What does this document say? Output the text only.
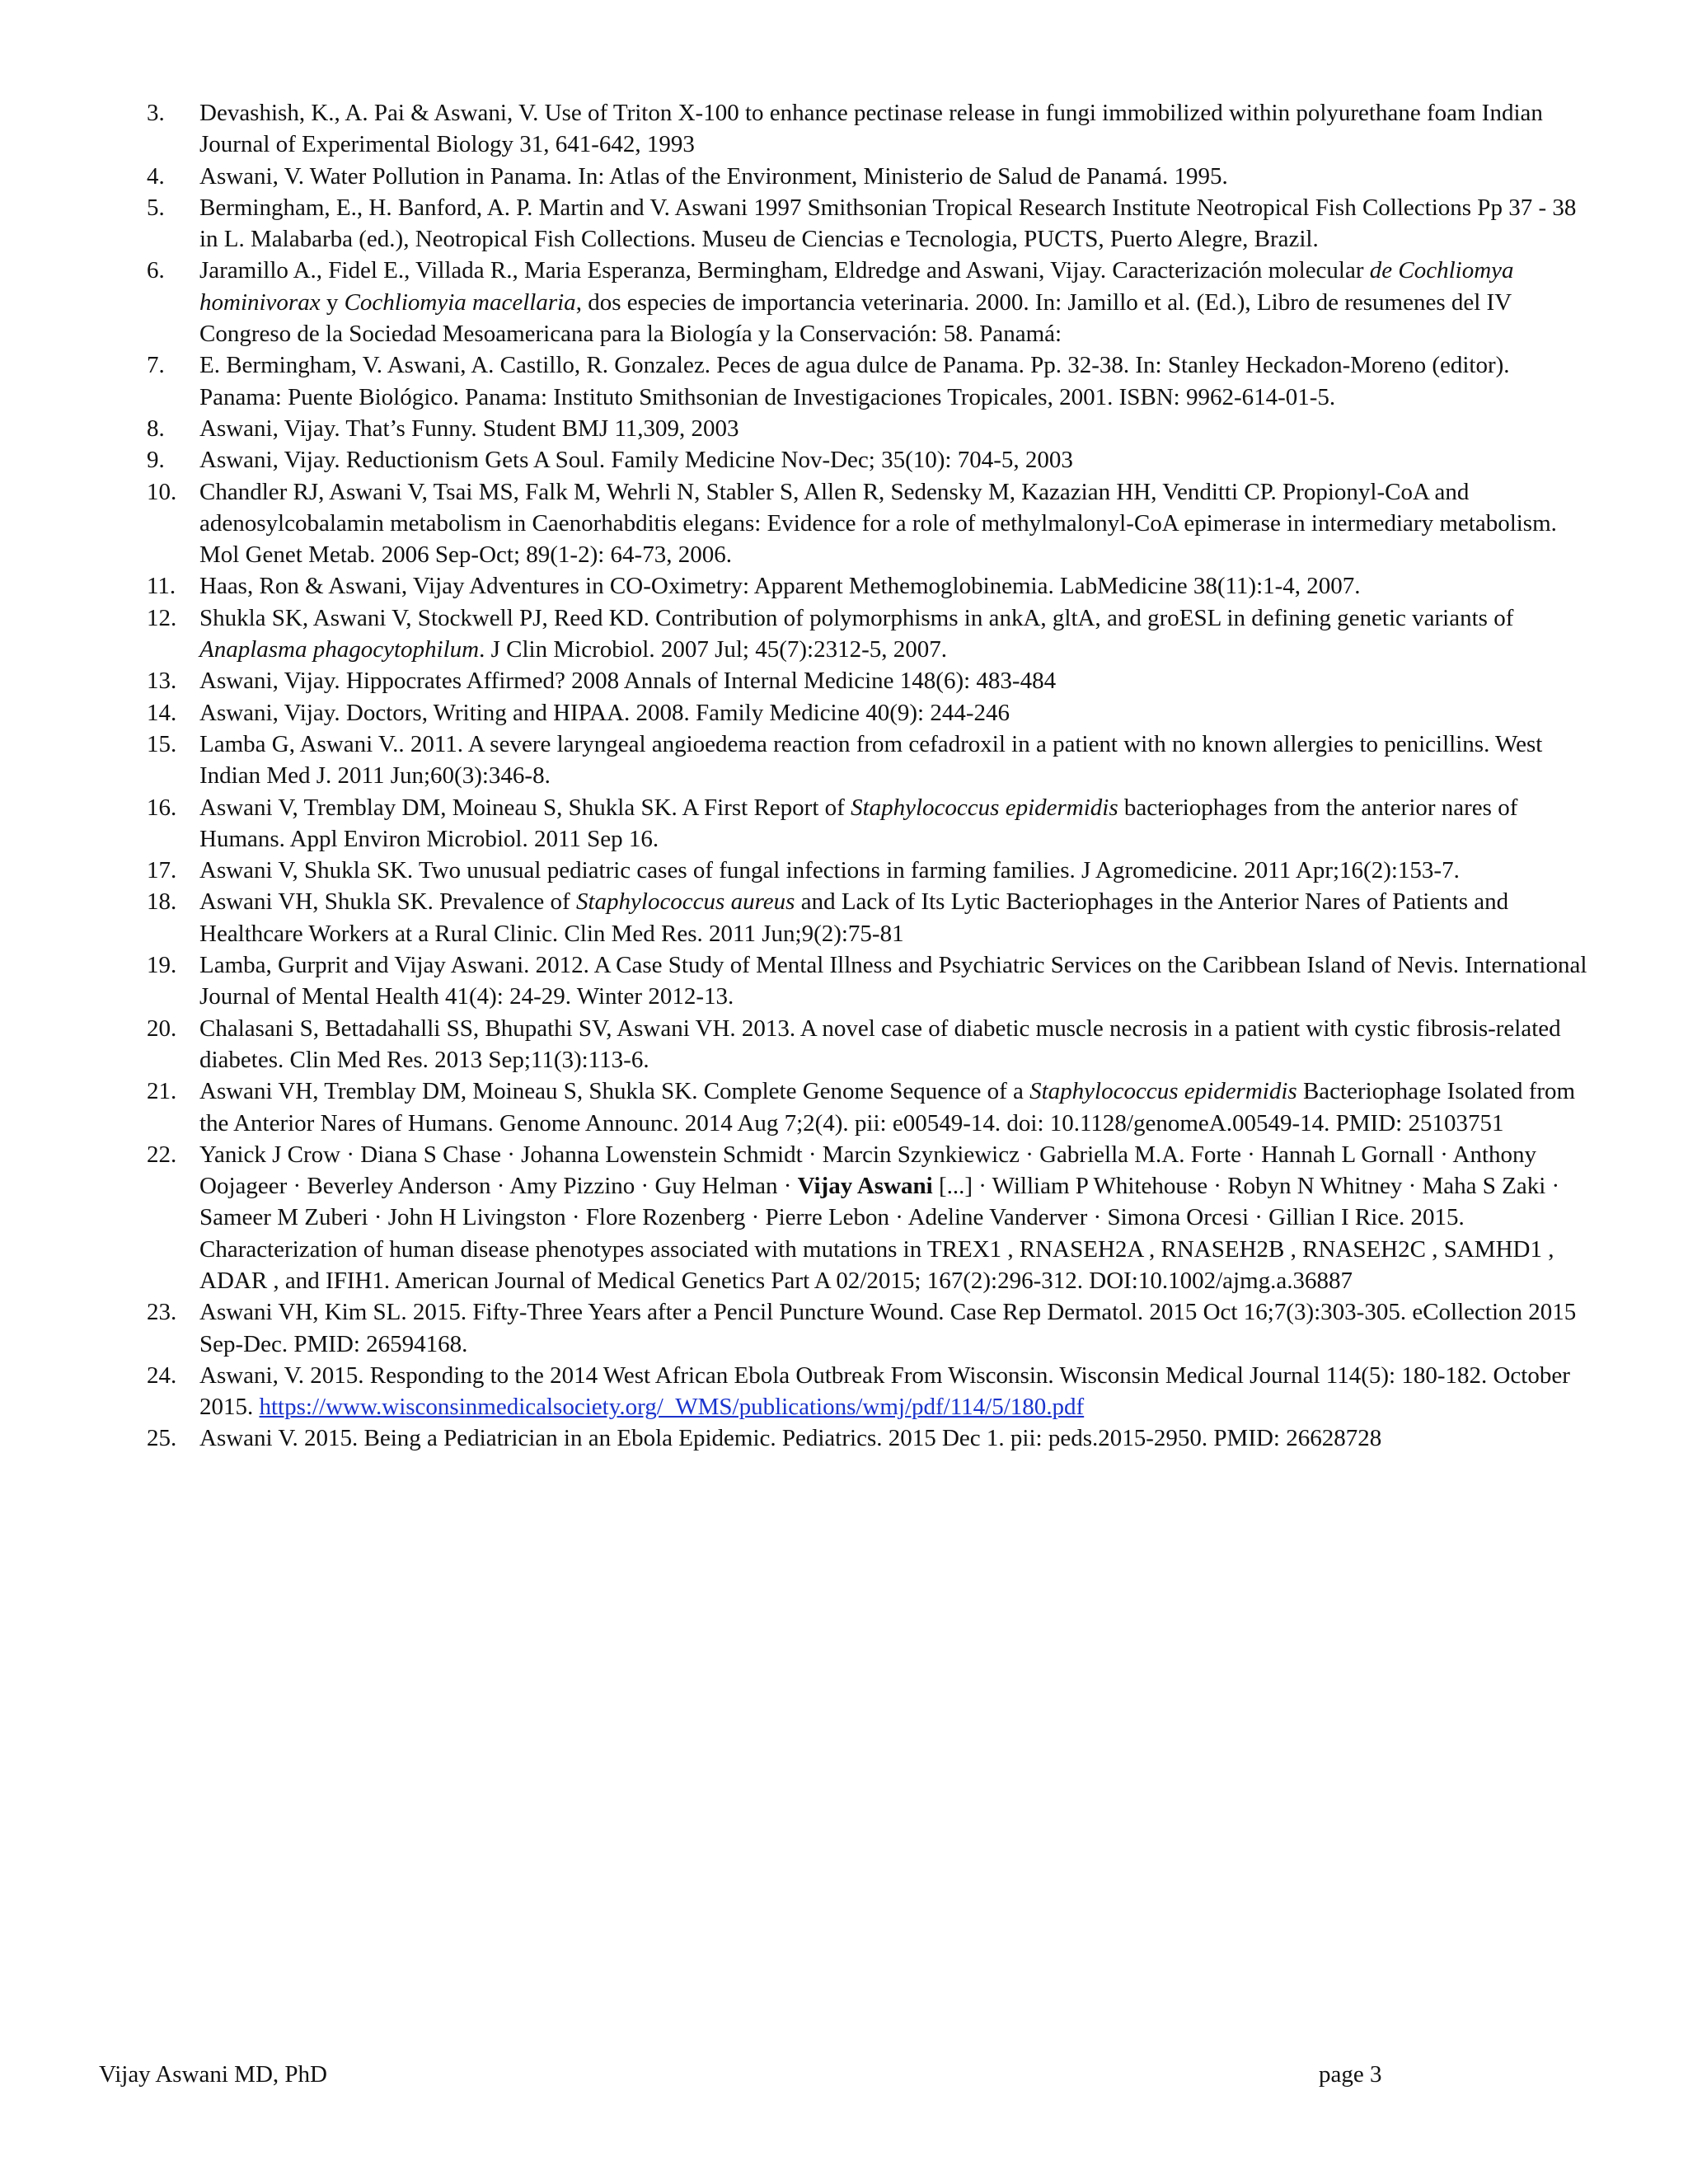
3.	Devashish, K., A. Pai & Aswani, V. Use of Triton X-100 to enhance pectinase release in fungi immobilized within polyurethane foam Indian Journal of Experimental Biology 31, 641-642, 1993
4.	Aswani, V. Water Pollution in Panama. In: Atlas of the Environment, Ministerio de Salud de Panamá. 1995.
5.	Bermingham, E., H. Banford, A. P. Martin and V. Aswani 1997 Smithsonian Tropical Research Institute Neotropical Fish Collections Pp 37 - 38 in L. Malabarba (ed.), Neotropical Fish Collections. Museu de Ciencias e Tecnologia, PUCTS, Puerto Alegre, Brazil.
6.	Jaramillo A., Fidel E., Villada R., Maria Esperanza, Bermingham, Eldredge and Aswani, Vijay. Caracterización molecular de Cochliomya hominivorax y Cochliomyia macellaria, dos especies de importancia veterinaria. 2000. In: Jamillo et al. (Ed.), Libro de resumenes del IV Congreso de la Sociedad Mesoamericana para la Biología y la Conservación: 58. Panamá:
7.	E. Bermingham, V. Aswani, A. Castillo, R. Gonzalez. Peces de agua dulce de Panama. Pp. 32-38. In: Stanley Heckadon-Moreno (editor). Panama: Puente Biológico. Panama: Instituto Smithsonian de Investigaciones Tropicales, 2001. ISBN: 9962-614-01-5.
8.	Aswani, Vijay. That’s Funny. Student BMJ 11,309, 2003
9.	Aswani, Vijay. Reductionism Gets A Soul. Family Medicine Nov-Dec; 35(10): 704-5, 2003
10. Chandler RJ, Aswani V, Tsai MS, Falk M, Wehrli N, Stabler S, Allen R, Sedensky M, Kazazian HH, Venditti CP. Propionyl-CoA and adenosylcobalamin metabolism in Caenorhabditis elegans: Evidence for a role of methylmalonyl-CoA epimerase in intermediary metabolism. Mol Genet Metab. 2006 Sep-Oct; 89(1-2): 64-73, 2006.
11. Haas, Ron & Aswani, Vijay Adventures in CO-Oximetry: Apparent Methemoglobinemia. LabMedicine 38(11):1-4, 2007.
12. Shukla SK, Aswani V, Stockwell PJ, Reed KD. Contribution of polymorphisms in ankA, gltA, and groESL in defining genetic variants of Anaplasma phagocytophilum. J Clin Microbiol. 2007 Jul; 45(7):2312-5, 2007.
13. Aswani, Vijay. Hippocrates Affirmed? 2008 Annals of Internal Medicine 148(6): 483-484
14. Aswani, Vijay. Doctors, Writing and HIPAA. 2008. Family Medicine 40(9): 244-246
15. Lamba G, Aswani V.. 2011. A severe laryngeal angioedema reaction from cefadroxil in a patient with no known allergies to penicillins. West Indian Med J. 2011 Jun;60(3):346-8.
16. Aswani V, Tremblay DM, Moineau S, Shukla SK. A First Report of Staphylococcus epidermidis bacteriophages from the anterior nares of Humans. Appl Environ Microbiol. 2011 Sep 16.
17. Aswani V, Shukla SK. Two unusual pediatric cases of fungal infections in farming families. J Agromedicine. 2011 Apr;16(2):153-7.
18. Aswani VH, Shukla SK. Prevalence of Staphylococcus aureus and Lack of Its Lytic Bacteriophages in the Anterior Nares of Patients and Healthcare Workers at a Rural Clinic. Clin Med Res. 2011 Jun;9(2):75-81
19. Lamba, Gurprit and Vijay Aswani. 2012. A Case Study of Mental Illness and Psychiatric Services on the Caribbean Island of Nevis. International Journal of Mental Health 41(4): 24-29. Winter 2012-13.
20. Chalasani S, Bettadahalli SS, Bhupathi SV, Aswani VH. 2013. A novel case of diabetic muscle necrosis in a patient with cystic fibrosis-related diabetes. Clin Med Res. 2013 Sep;11(3):113-6.
21. Aswani VH, Tremblay DM, Moineau S, Shukla SK. Complete Genome Sequence of a Staphylococcus epidermidis Bacteriophage Isolated from the Anterior Nares of Humans. Genome Announc. 2014 Aug 7;2(4). pii: e00549-14. doi: 10.1128/genomeA.00549-14. PMID: 25103751
22. Yanick J Crow · Diana S Chase · Johanna Lowenstein Schmidt · Marcin Szynkiewicz · Gabriella M.A. Forte · Hannah L Gornall · Anthony Oojageer · Beverley Anderson · Amy Pizzino · Guy Helman · Vijay Aswani [...] · William P Whitehouse · Robyn N Whitney · Maha S Zaki · Sameer M Zuberi · John H Livingston · Flore Rozenberg · Pierre Lebon · Adeline Vanderver · Simona Orcesi · Gillian I Rice. 2015. Characterization of human disease phenotypes associated with mutations in TREX1 , RNASEH2A , RNASEH2B , RNASEH2C , SAMHD1 , ADAR , and IFIH1. American Journal of Medical Genetics Part A 02/2015; 167(2):296-312. DOI:10.1002/ajmg.a.36887
23. Aswani VH, Kim SL. 2015. Fifty-Three Years after a Pencil Puncture Wound. Case Rep Dermatol. 2015 Oct 16;7(3):303-305. eCollection 2015 Sep-Dec. PMID: 26594168.
24. Aswani, V. 2015. Responding to the 2014 West African Ebola Outbreak From Wisconsin. Wisconsin Medical Journal 114(5): 180-182. October 2015. https://www.wisconsinmedicalsociety.org/_WMS/publications/wmj/pdf/114/5/180.pdf
25. Aswani V. 2015. Being a Pediatrician in an Ebola Epidemic. Pediatrics. 2015 Dec 1. pii: peds.2015-2950. PMID: 26628728
Vijay Aswani MD, PhD	page 3
